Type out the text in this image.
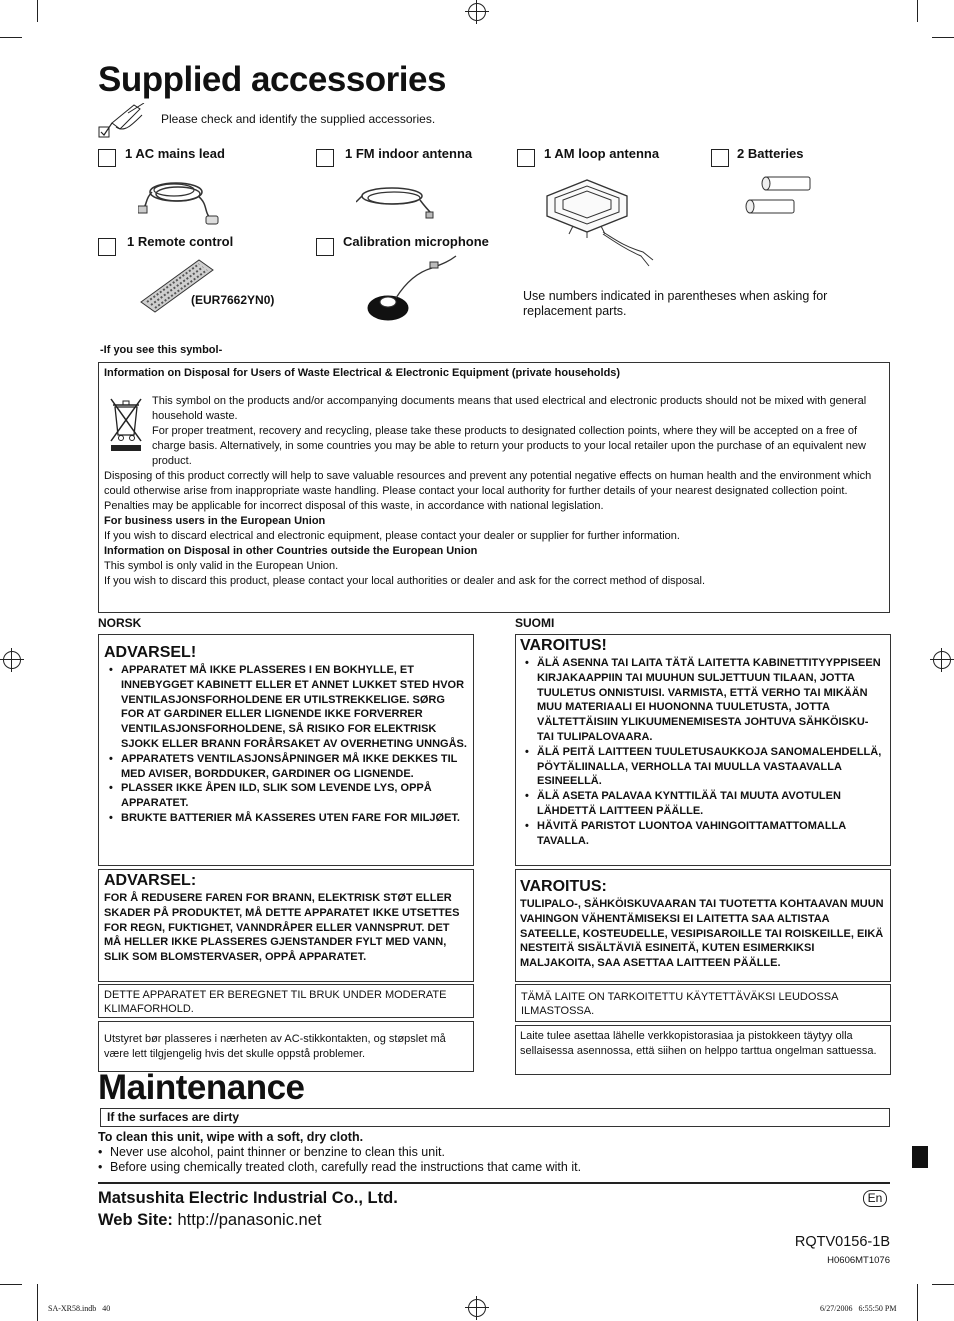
Supplied accessories
Please check and identify the supplied accessories.
1 AC mains lead	1 FM indoor antenna	1 AM loop antenna	2 Batteries
1 Remote control	Calibration microphone
(EUR7662YN0)	Use numbers indicated in parentheses when asking for replacement parts.
-If you see this symbol-
Information on Disposal for Users of Waste Electrical & Electronic Equipment (private households)
This symbol on the products and/or accompanying documents means that used electrical and electronic products should not be mixed with general household waste.
For proper treatment, recovery and recycling, please take these products to designated collection points, where they will be accepted on a free of charge basis. Alternatively, in some countries you may be able to return your products to your local retailer upon the purchase of an equivalent new product.
Disposing of this product correctly will help to save valuable resources and prevent any potential negative effects on human health and the environment which could otherwise arise from inappropriate waste handling. Please contact your local authority for further details of your nearest designated collection point.
Penalties may be applicable for incorrect disposal of this waste, in accordance with national legislation.
For business users in the European Union
If you wish to discard electrical and electronic equipment, please contact your dealer or supplier for further information.
Information on Disposal in other Countries outside the European Union
This symbol is only valid in the European Union.
If you wish to discard this product, please contact your local authorities or dealer and ask for the correct method of disposal.
NORSK
ADVARSEL!
• APPARATET MÅ IKKE PLASSERES I EN BOKHYLLE, ET INNEBYGGET KABINETT ELLER ET ANNET LUKKET STED HVOR VENTILASJONSFORHOLDENE ER UTILSTREKKELIGE. SØRG FOR AT GARDINER ELLER LIGNENDE IKKE FORVERRER VENTILASJONSFORHOLDENE, SÅ RISIKO FOR ELEKTRISK SJOKK ELLER BRANN FORÅRSAKET AV OVERHETING UNNGÅS.
• APPARATETS VENTILASJONSÅPNINGER MÅ IKKE DEKKES TIL MED AVISER, BORDDUKER, GARDINER OG LIGNENDE.
• PLASSER IKKE ÅPEN ILD, SLIK SOM LEVENDE LYS, OPPÅ APPARATET.
• BRUKTE BATTERIER MÅ KASSERES UTEN FARE FOR MILJØET.
ADVARSEL:
FOR Å REDUSERE FAREN FOR BRANN, ELEKTRISK STØT ELLER SKADER PÅ PRODUKTET, MÅ DETTE APPARATET IKKE UTSETTES FOR REGN, FUKTIGHET, VANNDRÅPER ELLER VANNSPRUT. DET MÅ HELLER IKKE PLASSERES GJENSTANDER FYLT MED VANN, SLIK SOM BLOMSTERVASER, OPPÅ APPARATET.
DETTE APPARATET ER BEREGNET TIL BRUK UNDER MODERATE KLIMAFORHOLD.
Utstyret bør plasseres i nærheten av AC-stikkontakten, og støpslet må være lett tilgjengelig hvis det skulle oppstå problemer.
SUOMI
VAROITUS!
• ÄLÄ ASENNA TAI LAITA TÄTÄ LAITETTA KABINETTITYYPPISEEN KIRJAKAAPPIIN TAI MUUHUN SULJETTUUN TILAAN, JOTTA TUULETUS ONNISTUISI. VARMISTA, ETTÄ VERHO TAI MIKÄÄN MUU MATERIAALI EI HUONONNA TUULETUSTA, JOTTA VÄLTETTÄISIIN YLIKUUMENEMISESTA JOHTUVA SÄHKÖISKU- TAI TULIPALOVAARA.
• ÄLÄ PEITÄ LAITTEEN TUULETUSAUKKOJA SANOMALEHDELLÄ, PÖYTÄLIINALLA, VERHOLLA TAI MUULLA VASTAAVALLA ESINEELLÄ.
• ÄLÄ ASETA PALAVAA KYNTTILÄÄ TAI MUUTA AVOTULEN LÄHDETTÄ LAITTEEN PÄÄLLE.
• HÄVITÄ PARISTOT LUONTOA VAHINGOITTAMATTOMALLA TAVALLA.
VAROITUS:
TULIPALO-, SÄHKÖISKUVAARAN TAI TUOTETTA KOHTAAVAN MUUN VAHINGON VÄHENTÄMISEKSI EI LAITETTA SAA ALTISTAA SATEELLE, KOSTEUDELLE, VESIPISAROILLE TAI ROISKEILLE, EIKÄ NESTEITÄ SISÄLTÄVIÄ ESINEITÄ, KUTEN ESIMERKIKSI MALJAKOITA, SAA ASETTAA LAITTEEN PÄÄLLE.
TÄMÄ LAITE ON TARKOITETTU KÄYTETTÄVÄKSI LEUDOSSA ILMASTOSSA.
Laite tulee asettaa lähelle verkkopistorasiaa ja pistokkeen täytyy olla sellaisessa asennossa, että siihen on helppo tarttua ongelman sattuessa.
Maintenance
If the surfaces are dirty
To clean this unit, wipe with a soft, dry cloth.
• Never use alcohol, paint thinner or benzine to clean this unit.
• Before using chemically treated cloth, carefully read the instructions that came with it.
Matsushita Electric Industrial Co., Ltd.
Web Site: http://panasonic.net
En
RQTV0156-1B
H0606MT1076
SA-XR58.indb   40	6/27/2006   6:55:50 PM
